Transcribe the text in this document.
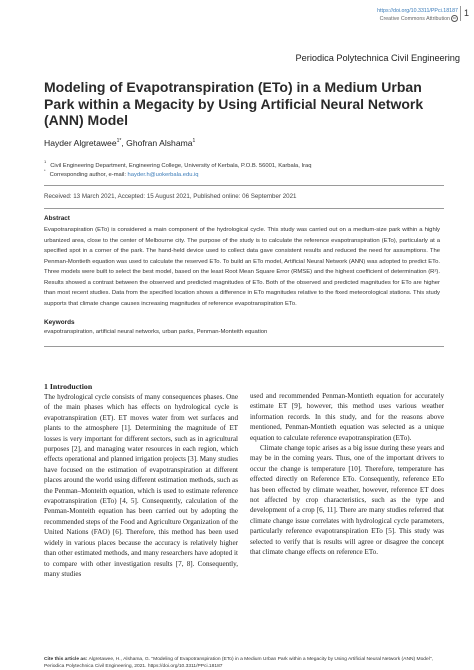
https://doi.org/10.3311/PPci.18187
Creative Commons Attribution cc 1
Periodica Polytechnica Civil Engineering
Modeling of Evapotranspiration (ETo) in a Medium Urban Park within a Megacity by Using Artificial Neural Network (ANN) Model
Hayder Algretawee$^{1*}$, Ghofran Alshama$^1$
$^1$Civil Engineering Department, Engineering College, University of Kerbala, P.O.B. 56001, Karbala, Iraq
*Corresponding author, e-mail: hayder.h@uokerbala.edu.iq
Received: 13 March 2021, Accepted: 15 August 2021, Published online: 06 September 2021
Abstract
Evapotranspiration (ETo) is considered a main component of the hydrological cycle. This study was carried out on a medium-size park within a highly urbanized area, close to the center of Melbourne city. The purpose of the study is to calculate the reference evapotranspiration (ETo), particularly at a specified spot in a corner of the park. The hand-held device used to collect data gave consistent results and reduced the need for assumptions. The Penman-Montieth equation was used to calculate the reserved ETo. To build an ETo model, Artificial Neural Network (ANN) was adopted to predict ETo. Three models were built to select the best model, based on the least Root Mean Square Error (RMSE) and the highest coefficient of determination (R²). Results showed a contrast between the observed and predicted magnitudes of ETo. Both of the observed and predicted magnitudes for ETo are higher than most recent studies. Data from the specified location shows a difference in ETo magnitudes relative to the fixed meteorological stations. This study supports that climate change causes increasing magnitudes of reference evapotranspiration ETo.
Keywords
evapotranspiration, artificial neural networks, urban parks, Penman-Monteith equation
1 Introduction

The hydrological cycle consists of many consequences phases. One of the main phases which has effects on hydrological cycle is evapotranspiration (ET). ET moves water from wet surfaces and plants to the atmosphere [1]. Determining the magnitude of ET losses is very important for different sectors, such as in agricultural purposes [2], and managing water resources in each region, which effects operational and planned irrigation projects [3]. Many studies have focused on the estimation of evapotranspiration at different places around the world using different estimation methods, such as the Penman–Monteith equation, which is used to estimate reference evapotranspiration (ETo) [4, 5]. Consequently, calculation of the Penman-Monteith equation has been carried out by adopting the recommended steps of the Food and Agriculture Organization of the United Nations (FAO) [6]. Therefore, this method has been used widely in various places because the accuracy is relatively higher than other estimated methods, and many researchers have adopted it to compare with other investigation results [7, 8]. Consequently, many studies

used and recommended Penman-Montieth equation for accurately estimate ET [9], however, this method uses various weather information records. In this study, and for the reasons above mentioned, Penman-Montieth equation was selected as a unique equation to calculate reference evapotranspiration (ETo).

Climate change topic arises as a big issue during these years and may be in the coming years. Thus, one of the important drivers to occur the change is temperature [10]. Therefore, temperature has effected directly on Reference ETo. Consequently, reference ETo has been effected by climate weather, however, reference ET does not affected by crop characteristics, such as the type and development of a crop [6, 11]. There are many studies referred that climate change issue correlates with hydrological cycle parameters, particularly reference evapotranspiration ETo [5]. This study was selected to verify that is results will agree or disagree the concept that climate change effects on reference ETo.

Cite this article as: Algretawee, H., Alshama, G. "Modeling of Evapotranspiration (ETo) in a Medium Urban Park within a Megacity by Using Artificial Neural Network (ANN) Model", Periodica Polytechnica Civil Engineering, 2021. https://doi.org/10.3311/PPci.18187
